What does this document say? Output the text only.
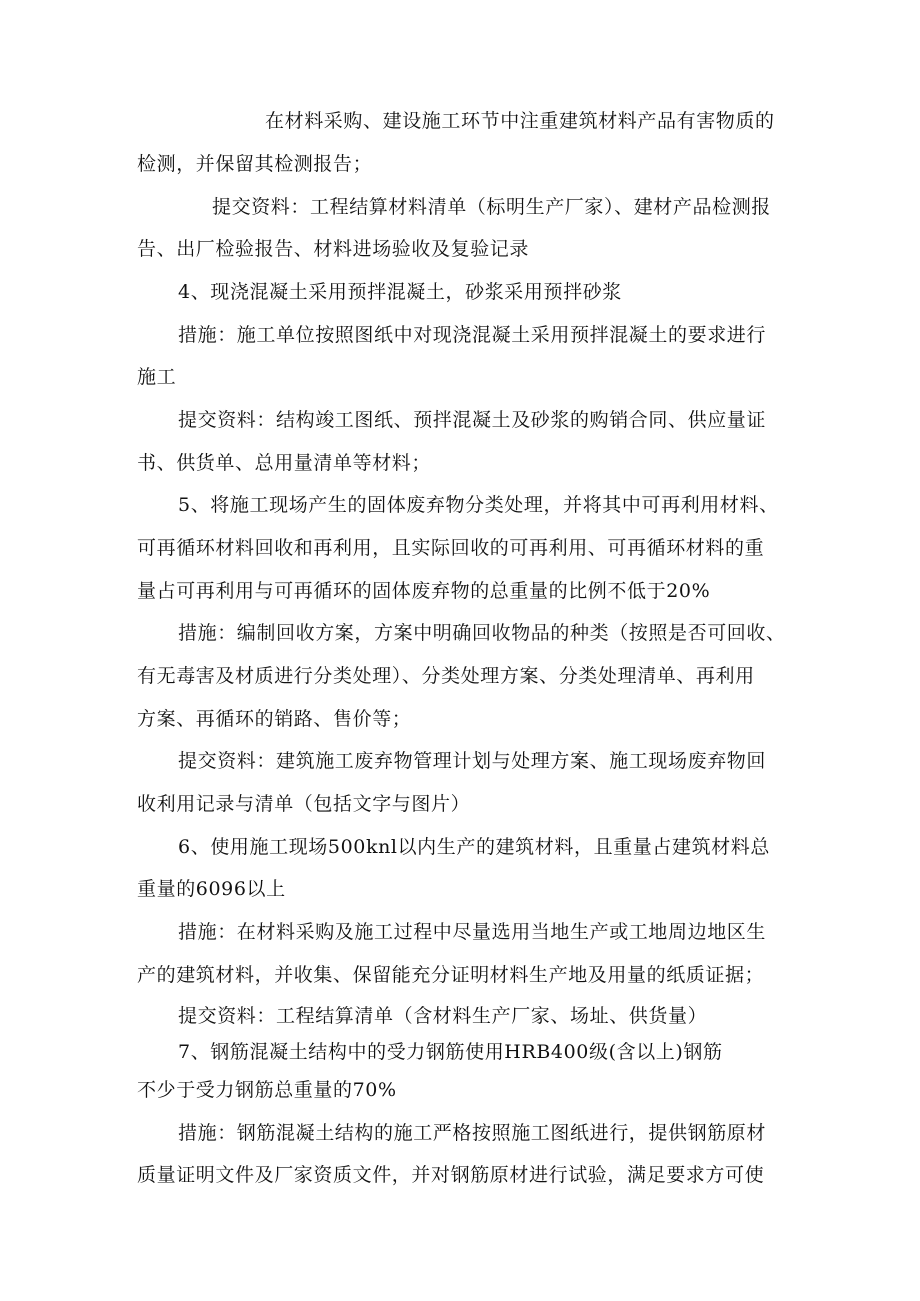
在材料采购、建设施工环节中注重建筑材料产品有害物质的
检测，并保留其检测报告；
提交资料：工程结算材料清单（标明生产厂家）、建材产品检测报
告、出厂检验报告、材料进场验收及复验记录
4、现浇混凝土采用预拌混凝土，砂浆采用预拌砂浆
措施：施工单位按照图纸中对现浇混凝土采用预拌混凝土的要求进行
施工
提交资料：结构竣工图纸、预拌混凝土及砂浆的购销合同、供应量证
书、供货单、总用量清单等材料；
5、将施工现场产生的固体废弃物分类处理，并将其中可再利用材料、
可再循环材料回收和再利用，且实际回收的可再利用、可再循环材料的重
量占可再利用与可再循环的固体废弃物的总重量的比例不低于20%
措施：编制回收方案，方案中明确回收物品的种类（按照是否可回收、
有无毒害及材质进行分类处理）、分类处理方案、分类处理清单、再利用
方案、再循环的销路、售价等；
提交资料：建筑施工废弃物管理计划与处理方案、施工现场废弃物回
收利用记录与清单（包括文字与图片）
6、使用施工现场500knl以内生产的建筑材料，且重量占建筑材料总
重量的6096以上
措施：在材料采购及施工过程中尽量选用当地生产或工地周边地区生
产的建筑材料，并收集、保留能充分证明材料生产地及用量的纸质证据；
提交资料：工程结算清单（含材料生产厂家、场址、供货量）
7、钢筋混凝土结构中的受力钢筋使用HRB400级(含以上)钢筋
不少于受力钢筋总重量的70%
措施：钢筋混凝土结构的施工严格按照施工图纸进行，提供钢筋原材
质量证明文件及厂家资质文件，并对钢筋原材进行试验，满足要求方可使
